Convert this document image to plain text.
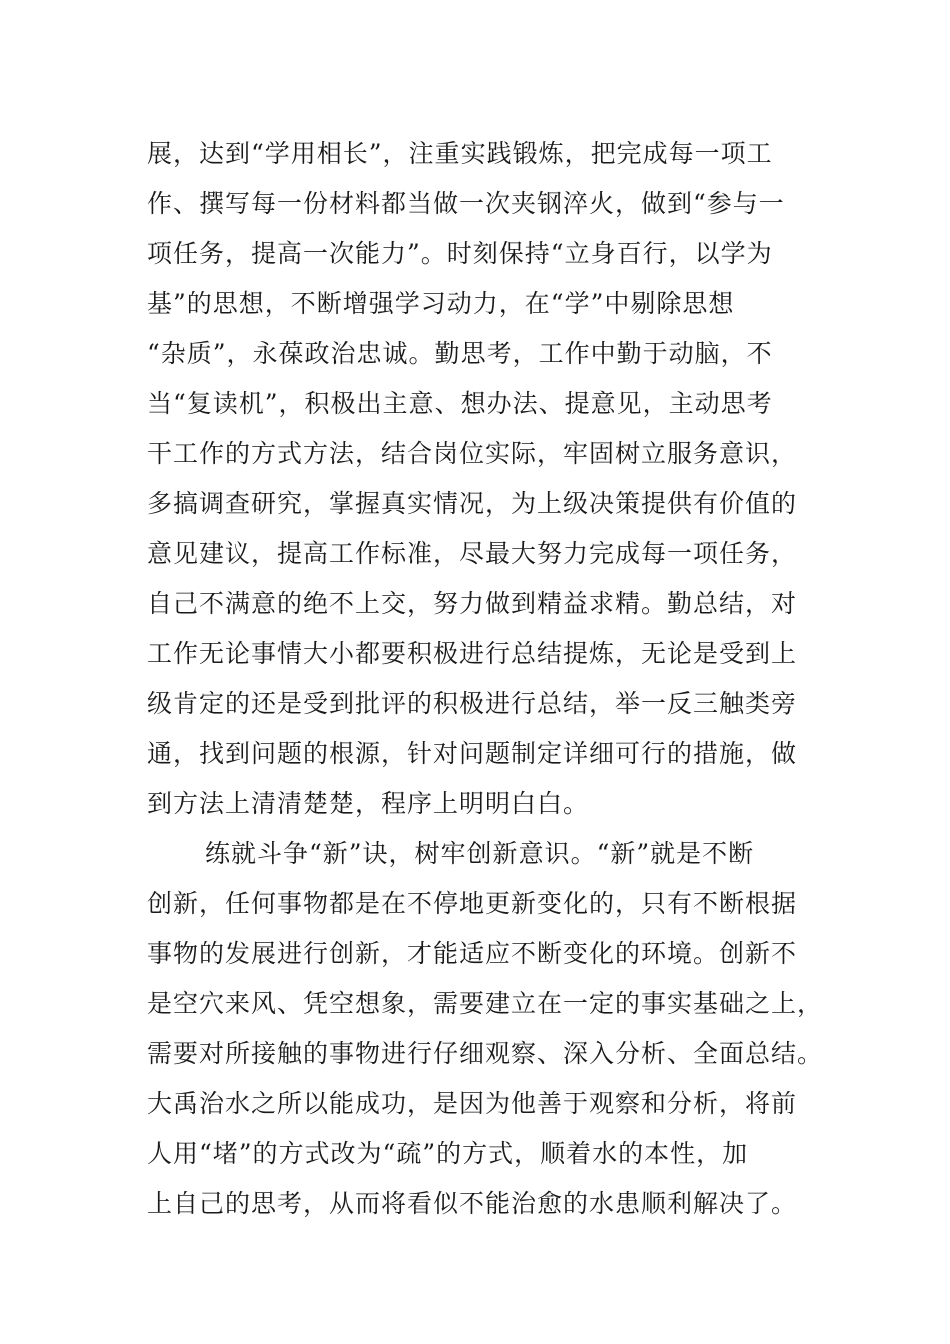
展，达到“学用相长”，注重实践锻炼，把完成每一项工
作、撰写每一份材料都当做一次夹钢淬火，做到“参与一
项任务，提高一次能力”。时刻保持“立身百行，以学为
基”的思想，不断增强学习动力，在“学”中剔除思想
“杂质”，永葆政治忠诚。勤思考，工作中勤于动脑，不
当“复读机”，积极出主意、想办法、提意见，主动思考
干工作的方式方法，结合岗位实际，牢固树立服务意识，
多搞调查研究，掌握真实情况，为上级决策提供有价值的
意见建议，提高工作标准，尽最大努力完成每一项任务，
自己不满意的绝不上交，努力做到精益求精。勤总结，对
工作无论事情大小都要积极进行总结提炼，无论是受到上
级肯定的还是受到批评的积极进行总结，举一反三触类旁
通，找到问题的根源，针对问题制定详细可行的措施，做
到方法上清清楚楚，程序上明明白白。
练就斗争“新”诀，树牢创新意识。“新”就是不断
创新，任何事物都是在不停地更新变化的，只有不断根据
事物的发展进行创新，才能适应不断变化的环境。创新不
是空穴来风、凭空想象，需要建立在一定的事实基础之上，
需要对所接触的事物进行仔细观察、深入分析、全面总结。
大禹治水之所以能成功，是因为他善于观察和分析，将前
人用“堵”的方式改为“疏”的方式，顺着水的本性，加
上自己的思考，从而将看似不能治愈的水患顺利解决了。
